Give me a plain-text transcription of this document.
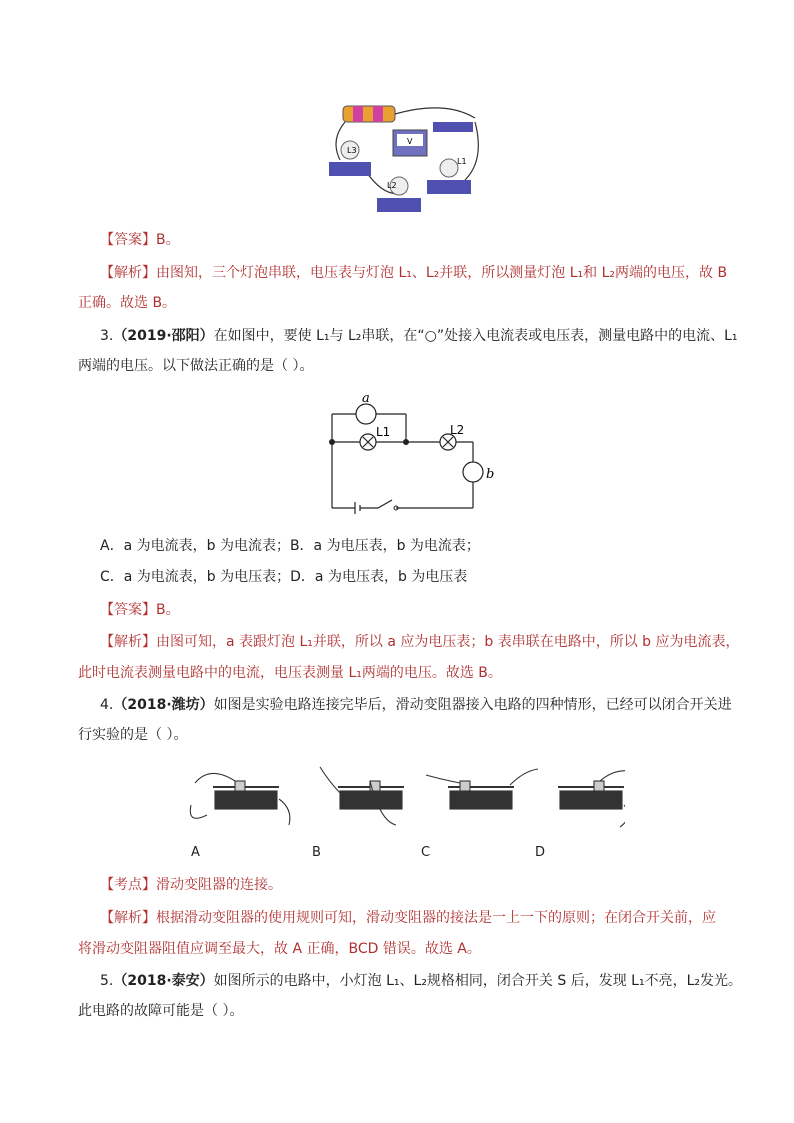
L3
L2
L1
V
【答案】B。
【解析】由图知，三个灯泡串联，电压表与灯泡 L₁、L₂并联，所以测量灯泡 L₁和 L₂两端的电压，故 B
正确。故选 B。
3.（2019·邵阳）在如图中，要使 L₁与 L₂串联，在“○”处接入电流表或电压表，测量电路中的电流、L₁
两端的电压。以下做法正确的是（ ）。
a
b
L1	L2
A．a 为电流表，b 为电流表；B．a 为电压表，b 为电流表；
C．a 为电流表，b 为电压表；D．a 为电压表，b 为电压表
【答案】B。
【解析】由图可知，a 表跟灯泡 L₁并联，所以 a 应为电压表；b 表串联在电路中，所以 b 应为电流表，
此时电流表测量电路中的电流，电压表测量 L₁两端的电压。故选 B。
4.（2018·潍坊）如图是实验电路连接完毕后，滑动变阻器接入电路的四种情形，已经可以闭合开关进
行实验的是（ ）。
A	B	C	D
【考点】滑动变阻器的连接。
【解析】根据滑动变阻器的使用规则可知，滑动变阻器的接法是一上一下的原则；在闭合开关前，应
将滑动变阻器阻值应调至最大，故 A 正确，BCD 错误。故选 A。
5.（2018·泰安）如图所示的电路中，小灯泡 L₁、L₂规格相同，闭合开关 S 后，发现 L₁不亮，L₂发光。
此电路的故障可能是（ ）。
